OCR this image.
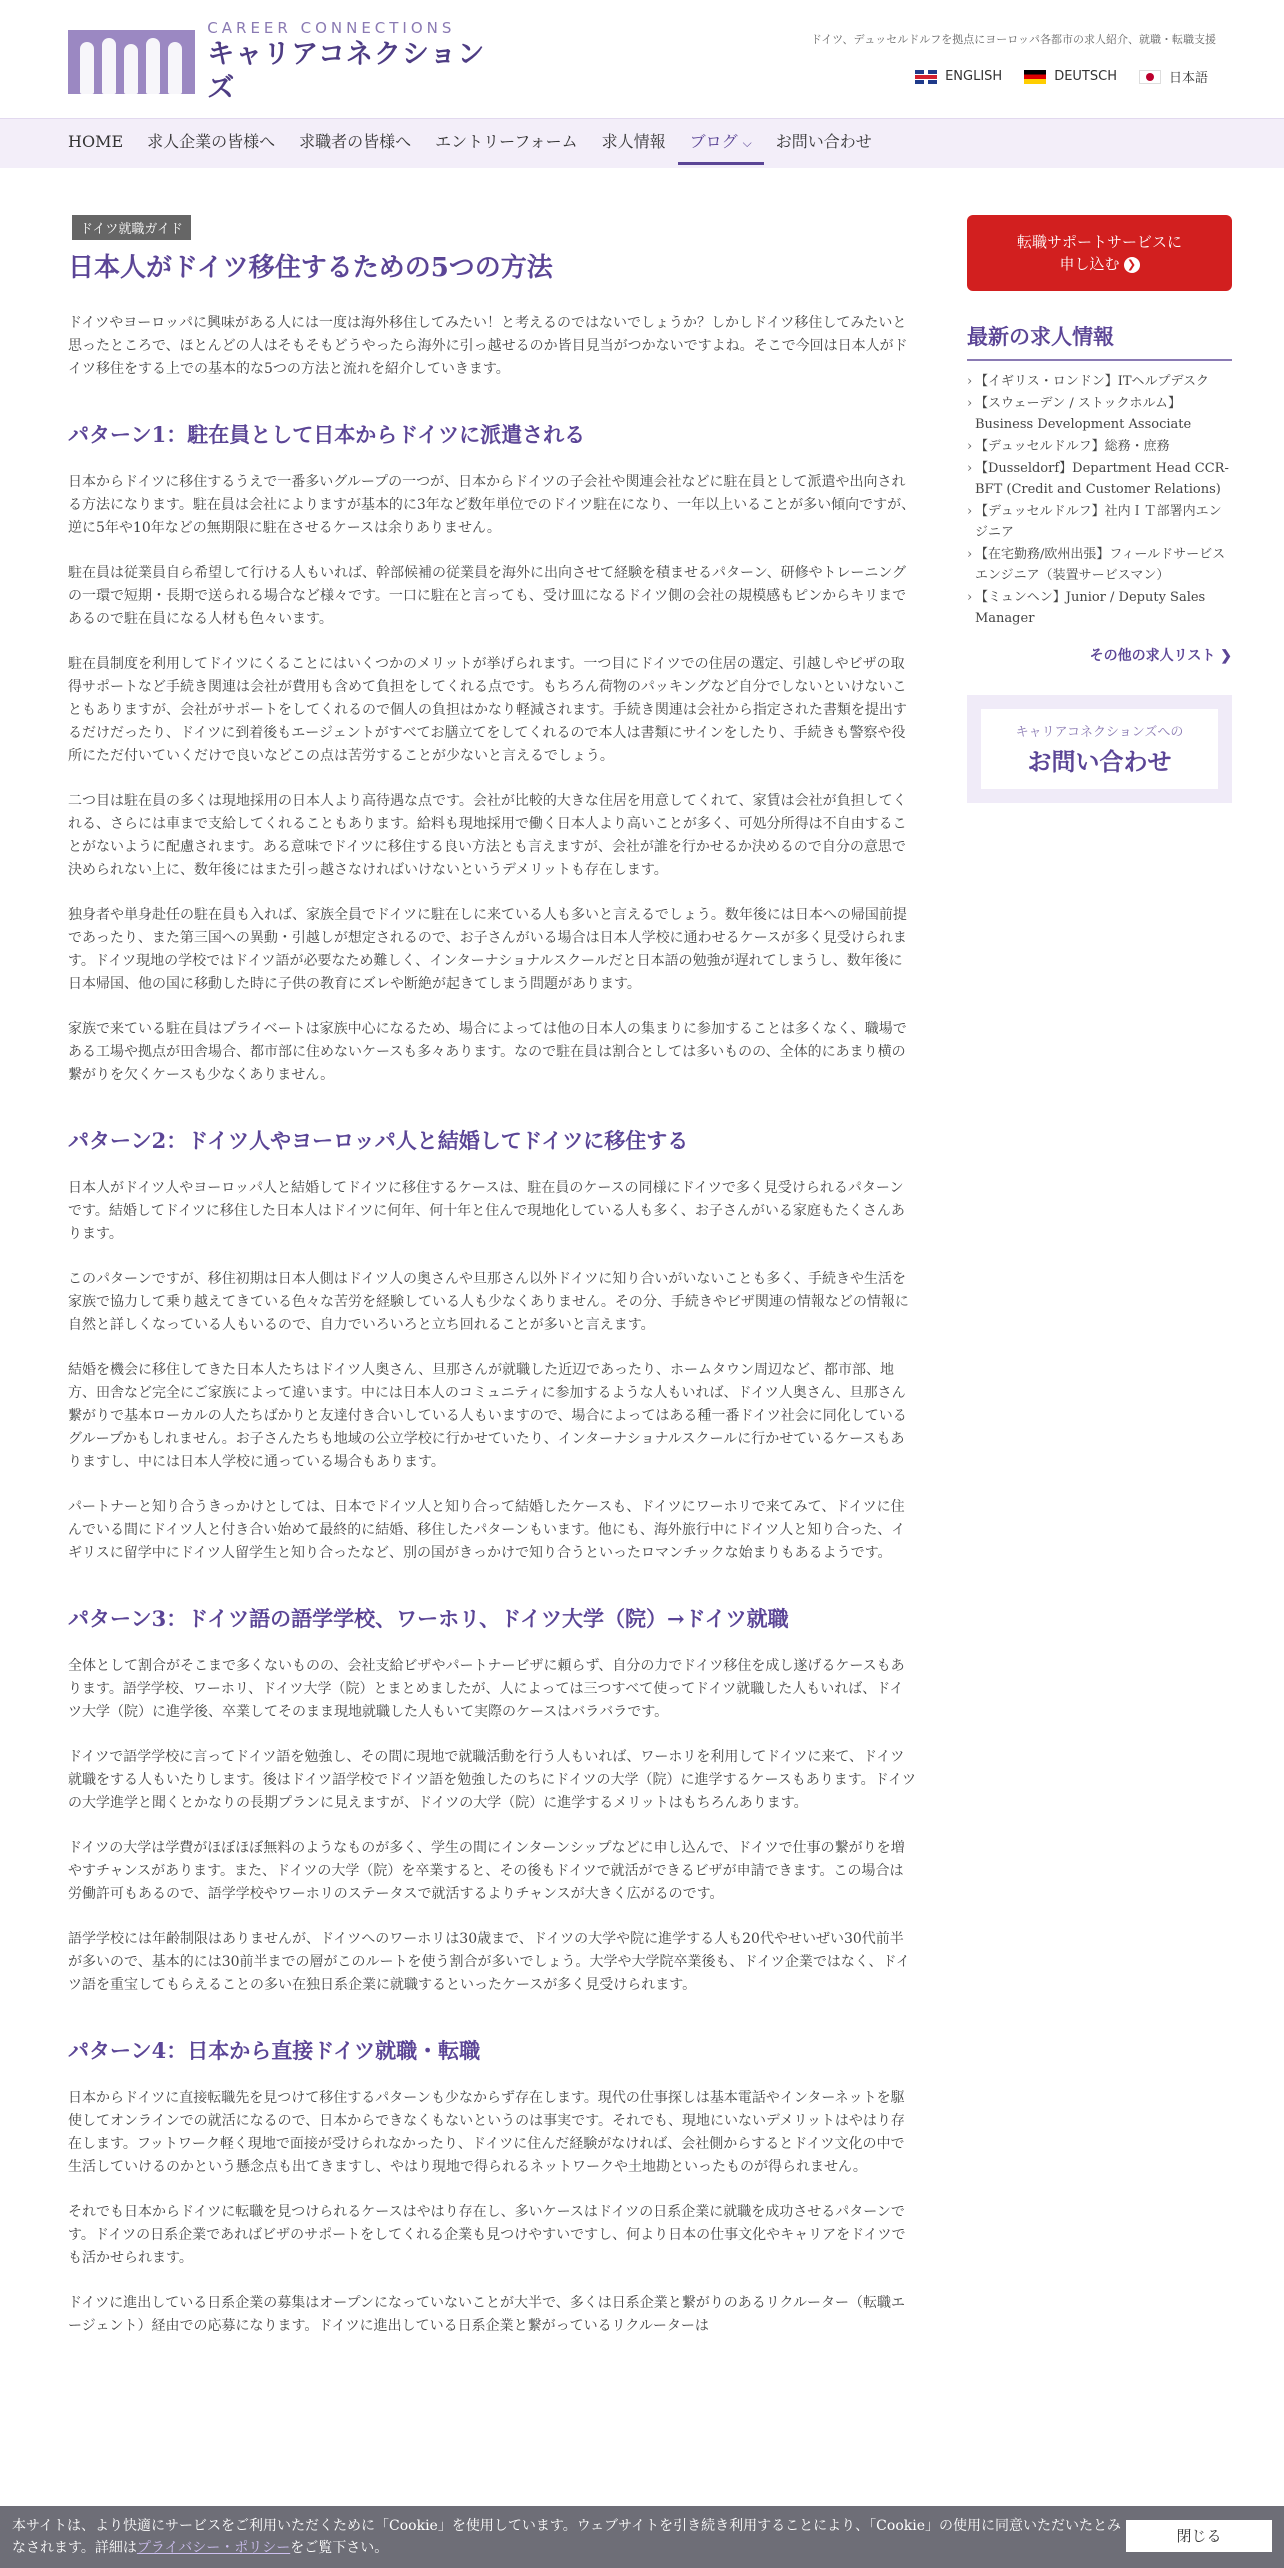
CAREER CONNECTIONS
キャリアコネクションズ
ドイツ、デュッセルドルフを拠点にヨーロッパ各都市の求人紹介、就職・転職支援
ENGLISH	DEUTSCH	日本語
HOME	求人企業の皆様へ	求職者の皆様へ	エントリーフォーム	求人情報	ブログ ⌵	お問い合わせ
ドイツ就職ガイド
日本人がドイツ移住するための5つの方法

ドイツやヨーロッパに興味がある人には一度は海外移住してみたい！と考えるのではないでしょうか？しかしドイツ移住してみたいと思ったところで、ほとんどの人はそもそもどうやったら海外に引っ越せるのか皆目見当がつかないですよね。そこで今回は日本人がドイツ移住をする上での基本的な5つの方法と流れを紹介していきます。

パターン1：駐在員として日本からドイツに派遣される

日本からドイツに移住するうえで一番多いグループの一つが、日本からドイツの子会社や関連会社などに駐在員として派遣や出向される方法になります。駐在員は会社によりますが基本的に3年など数年単位でのドイツ駐在になり、一年以上いることが多い傾向ですが、逆に5年や10年などの無期限に駐在させるケースは余りありません。

駐在員は従業員自ら希望して行ける人もいれば、幹部候補の従業員を海外に出向させて経験を積ませるパターン、研修やトレーニングの一環で短期・長期で送られる場合など様々です。一口に駐在と言っても、受け皿になるドイツ側の会社の規模感もピンからキリまであるので駐在員になる人材も色々います。

駐在員制度を利用してドイツにくることにはいくつかのメリットが挙げられます。一つ目にドイツでの住居の選定、引越しやビザの取得サポートなど手続き関連は会社が費用も含めて負担をしてくれる点です。もちろん荷物のパッキングなど自分でしないといけないこともありますが、会社がサポートをしてくれるので個人の負担はかなり軽減されます。手続き関連は会社から指定された書類を提出するだけだったり、ドイツに到着後もエージェントがすべてお膳立てをしてくれるので本人は書類にサインをしたり、手続きも警察や役所にただ付いていくだけで良いなどこの点は苦労することが少ないと言えるでしょう。

二つ目は駐在員の多くは現地採用の日本人より高待遇な点です。会社が比較的大きな住居を用意してくれて、家賃は会社が負担してくれる、さらには車まで支給してくれることもあります。給料も現地採用で働く日本人より高いことが多く、可処分所得は不自由することがないように配慮されます。ある意味でドイツに移住する良い方法とも言えますが、会社が誰を行かせるか決めるので自分の意思で決められない上に、数年後にはまた引っ越さなければいけないというデメリットも存在します。

独身者や単身赴任の駐在員も入れば、家族全員でドイツに駐在しに来ている人も多いと言えるでしょう。数年後には日本への帰国前提であったり、また第三国への異動・引越しが想定されるので、お子さんがいる場合は日本人学校に通わせるケースが多く見受けられます。ドイツ現地の学校ではドイツ語が必要なため難しく、インターナショナルスクールだと日本語の勉強が遅れてしまうし、数年後に日本帰国、他の国に移動した時に子供の教育にズレや断絶が起きてしまう問題があります。

家族で来ている駐在員はプライベートは家族中心になるため、場合によっては他の日本人の集まりに参加することは多くなく、職場である工場や拠点が田舎場合、都市部に住めないケースも多々あります。なので駐在員は割合としては多いものの、全体的にあまり横の繋がりを欠くケースも少なくありません。

パターン2：ドイツ人やヨーロッパ人と結婚してドイツに移住する

日本人がドイツ人やヨーロッパ人と結婚してドイツに移住するケースは、駐在員のケースの同様にドイツで多く見受けられるパターンです。結婚してドイツに移住した日本人はドイツに何年、何十年と住んで現地化している人も多く、お子さんがいる家庭もたくさんあります。

このパターンですが、移住初期は日本人側はドイツ人の奥さんや旦那さん以外ドイツに知り合いがいないことも多く、手続きや生活を家族で協力して乗り越えてきている色々な苦労を経験している人も少なくありません。その分、手続きやビザ関連の情報などの情報に自然と詳しくなっている人もいるので、自力でいろいろと立ち回れることが多いと言えます。

結婚を機会に移住してきた日本人たちはドイツ人奥さん、旦那さんが就職した近辺であったり、ホームタウン周辺など、都市部、地方、田舎など完全にご家族によって違います。中には日本人のコミュニティに参加するような人もいれば、ドイツ人奥さん、旦那さん繋がりで基本ローカルの人たちばかりと友達付き合いしている人もいますので、場合によってはある種一番ドイツ社会に同化している グループかもしれません。お子さんたちも地域の公立学校に行かせていたり、インターナショナルスクールに行かせているケースもありますし、中には日本人学校に通っている場合もあります。

パートナーと知り合うきっかけとしては、日本でドイツ人と知り合って結婚したケースも、ドイツにワーホリで来てみて、ドイツに住んでいる間にドイツ人と付き合い始めて最終的に結婚、移住したパターンもいます。他にも、海外旅行中にドイツ人と知り合った、イギリスに留学中にドイツ人留学生と知り合ったなど、別の国がきっかけで知り合うといったロマンチックな始まりもあるようです。

パターン3：ドイツ語の語学学校、ワーホリ、ドイツ大学（院）→ドイツ就職

全体として割合がそこまで多くないものの、会社支給ビザやパートナービザに頼らず、自分の力でドイツ移住を成し遂げるケースもあります。語学学校、ワーホリ、ドイツ大学（院）とまとめましたが、人によっては三つすべて使ってドイツ就職した人もいれば、ドイツ大学（院）に進学後、卒業してそのまま現地就職した人もいて実際のケースはバラバラです。

ドイツで語学学校に言ってドイツ語を勉強し、その間に現地で就職活動を行う人もいれば、ワーホリを利用してドイツに来て、ドイツ就職をする人もいたりします。後はドイツ語学校でドイツ語を勉強したのちにドイツの大学（院）に進学するケースもあります。ドイツの大学進学と聞くとかなりの長期プランに見えますが、ドイツの大学（院）に進学するメリットはもちろんあります。

ドイツの大学は学費がほぼほぼ無料のようなものが多く、学生の間にインターンシップなどに申し込んで、ドイツで仕事の繋がりを増やすチャンスがあります。また、ドイツの大学（院）を卒業すると、その後もドイツで就活ができるビザが申請できます。この場合は労働許可もあるので、語学学校やワーホリのステータスで就活するよりチャンスが大きく広がるのです。

語学学校には年齢制限はありませんが、ドイツへのワーホリは30歳まで、ドイツの大学や院に進学する人も20代やせいぜい30代前半が多いので、基本的には30前半までの層がこのルートを使う割合が多いでしょう。大学や大学院卒業後も、ドイツ企業ではなく、ドイツ語を重宝してもらえることの多い在独日系企業に就職するといったケースが多く見受けられます。

パターン4：日本から直接ドイツ就職・転職

日本からドイツに直接転職先を見つけて移住するパターンも少なからず存在します。現代の仕事探しは基本電話やインターネットを駆使してオンラインでの就活になるので、日本からできなくもないというのは事実です。それでも、現地にいないデメリットはやはり存在します。フットワーク軽く現地で面接が受けられなかったり、ドイツに住んだ経験がなければ、会社側からするとドイツ文化の中で生活していけるのかという懸念点も出てきますし、やはり現地で得られるネットワークや土地勘といったものが得られません。

それでも日本からドイツに転職を見つけられるケースはやはり存在し、多いケースはドイツの日系企業に就職を成功させるパターンです。ドイツの日系企業であればビザのサポートをしてくれる企業も見つけやすいですし、何より日本の仕事文化やキャリアをドイツでも活かせられます。

ドイツに進出している日系企業の募集はオープンになっていないことが大半で、多くは日系企業と繋がりのあるリクルーター（転職エージェント）経由での応募になります。ドイツに進出している日系企業と繋がっているリクルーターは

転職サポートサービスに
申し込む ❯
最新の求人情報
› 【イギリス・ロンドン】ITヘルプデスク
› 【スウェーデン / ストックホルム】Business Development Associate
› 【デュッセルドルフ】総務・庶務
› 【Dusseldorf】Department Head CCR-BFT (Credit and Customer Relations)
› 【デュッセルドルフ】社内ＩＴ部署内エンジニア
› 【在宅勤務/欧州出張】フィールドサービスエンジニア（装置サービスマン）
› 【ミュンヘン】Junior / Deputy Sales Manager
その他の求人リスト ❯
キャリアコネクションズへの
お問い合わせ
本サイトは、より快適にサービスをご利用いただくために「Cookie」を使用しています。ウェブサイトを引き続き利用することにより、「Cookie」の使用に同意いただいたとみなされます。詳細はプライバシー・ポリシーをご覧下さい。
閉じる
